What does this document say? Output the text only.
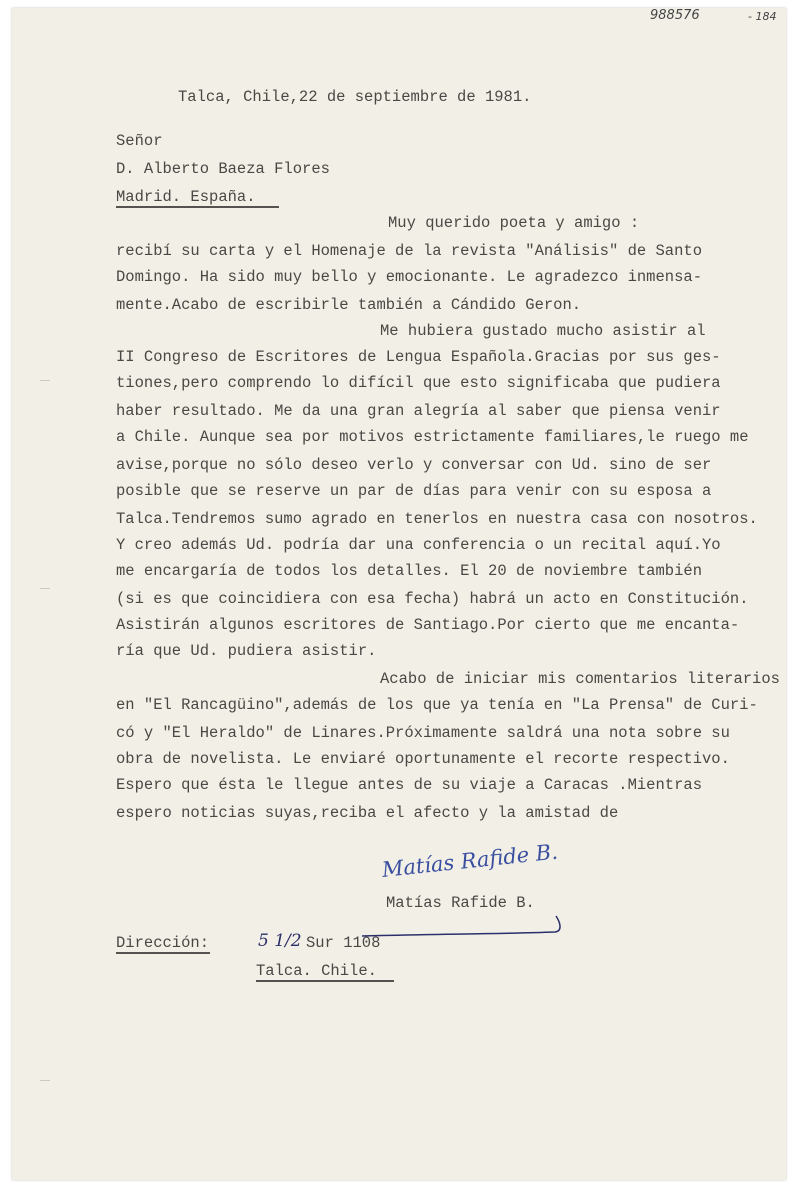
988576	- 184
Talca, Chile,22 de septiembre de 1981.
Señor
D. Alberto Baeza Flores
Madrid. España.
Muy querido poeta y amigo :
recibí su carta y el Homenaje de la revista "Análisis" de Santo
Domingo. Ha sido muy bello y emocionante. Le agradezco inmensa-
mente.Acabo de escribirle también a Cándido Geron.
Me hubiera gustado mucho asistir al
II Congreso de Escritores de Lengua Española.Gracias por sus ges-
tiones,pero comprendo lo difícil que esto significaba que pudiera
haber resultado. Me da una gran alegría al saber que piensa venir
a Chile. Aunque sea por motivos estrictamente familiares,le ruego me
avise,porque no sólo deseo verlo y conversar con Ud. sino de ser
posible que se reserve un par de días para venir con su esposa a
Talca.Tendremos sumo agrado en tenerlos en nuestra casa con nosotros.
Y creo además Ud. podría dar una conferencia o un recital aquí.Yo
me encargaría de todos los detalles. El 20 de noviembre también
(si es que coincidiera con esa fecha) habrá un acto en Constitución.
Asistirán algunos escritores de Santiago.Por cierto que me encanta-
ría que Ud. pudiera asistir.
Acabo de iniciar mis comentarios literarios
en "El Rancagüino",además de los que ya tenía en "La Prensa" de Curi-
có y "El Heraldo" de Linares.Próximamente saldrá una nota sobre su
obra de novelista. Le enviaré oportunamente el recorte respectivo.
Espero que ésta le llegue antes de su viaje a Caracas .Mientras
espero noticias suyas,reciba el afecto y la amistad de
Matías Rafide B.
Matías Rafide B.
Dirección:	5 1/2 Sur 1108
Talca. Chile.
